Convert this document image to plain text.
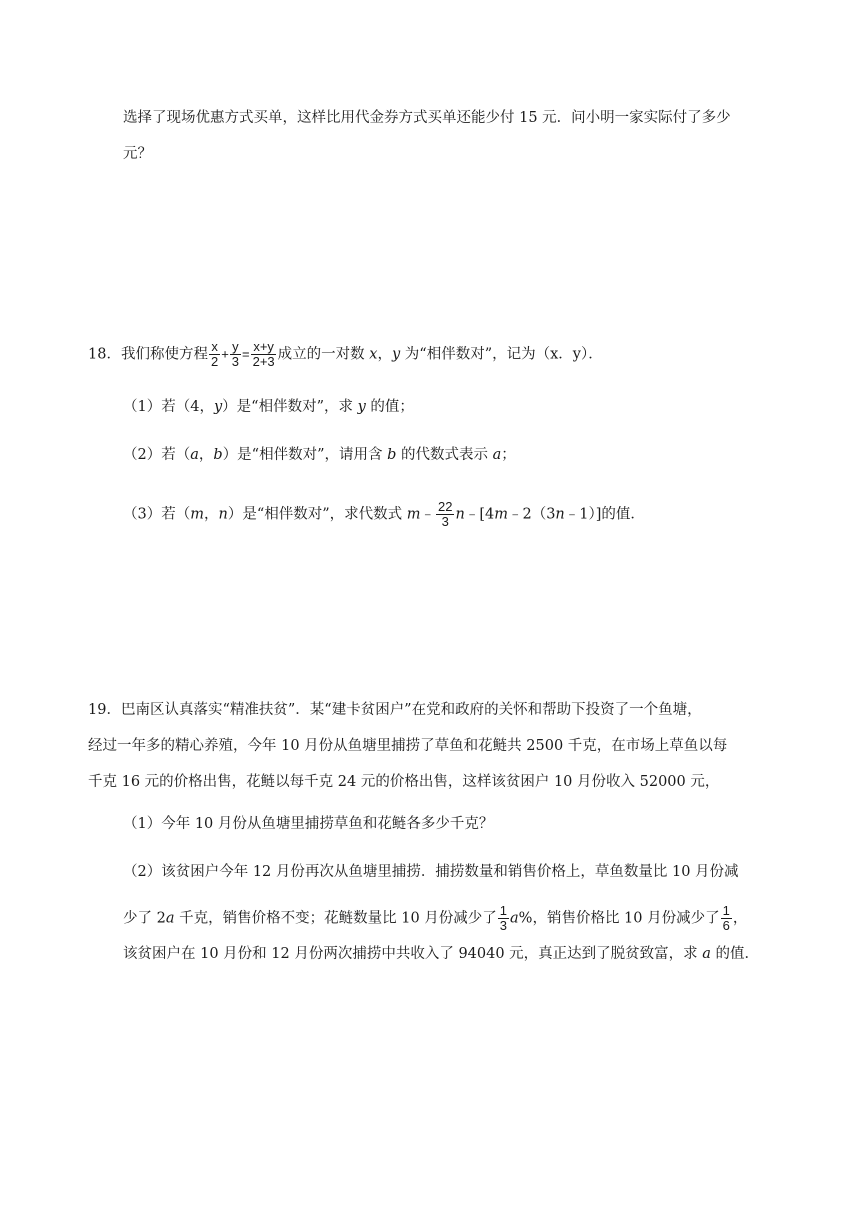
选择了现场优惠方式买单，这样比用代金券方式买单还能少付 15 元．问小明一家实际付了多少
元？
18．我们称使方程 $\frac{x}{2} + \frac{y}{3} = \frac{x+y}{2+3}$ 成立的一对数 x，y 为“相伴数对”，记为（x．y）．
（1）若（4，y）是“相伴数对”，求 y 的值；
（2）若（a，b）是“相伴数对”，请用含 b 的代数式表示 a；
（3）若（m，n）是“相伴数对”，求代数式 m﹣ $\frac{22}{3}$ n﹣[4m﹣2（3n﹣1）]的值．
19．巴南区认真落实“精准扶贫”．某“建卡贫困户”在党和政府的关怀和帮助下投资了一个鱼塘，
经过一年多的精心养殖，今年 10 月份从鱼塘里捕捞了草鱼和花鲢共 2500 千克，在市场上草鱼以每
千克 16 元的价格出售，花鲢以每千克 24 元的价格出售，这样该贫困户 10 月份收入 52000 元，
（1）今年 10 月份从鱼塘里捕捞草鱼和花鲢各多少千克？
（2）该贫困户今年 12 月份再次从鱼塘里捕捞．捕捞数量和销售价格上，草鱼数量比 10 月份减
少了 2a 千克，销售价格不变；花鲢数量比 10 月份减少了 $\frac{1}{3} a\%$，销售价格比 10 月份减少了 $\frac{1}{6}$ ，
该贫困户在 10 月份和 12 月份两次捕捞中共收入了 94040 元，真正达到了脱贫致富，求 a 的值．
